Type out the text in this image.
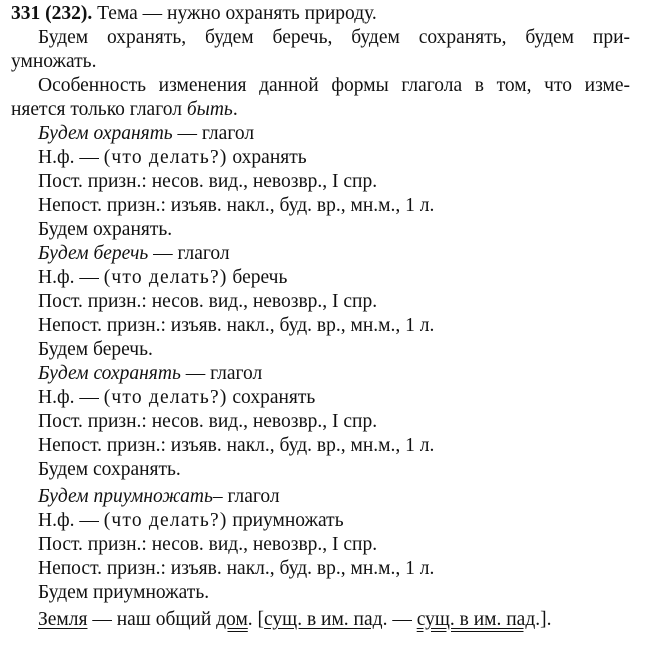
331 (232). Тема — нужно охранять природу.
Будем охранять, будем беречь, будем сохранять, будем при-
умножать.
Особенность изменения данной формы глагола в том, что изме-
няется только глагол быть.
Будем охранять — глагол
Н.ф. — (что делать?) охранять
Пост. призн.: несов. вид., невозвр., I спр.
Непост. призн.: изъяв. накл., буд. вр., мн.м., 1 л.
Будем охранять.
Будем беречь — глагол
Н.ф. — (что делать?) беречь
Пост. призн.: несов. вид., невозвр., I спр.
Непост. призн.: изъяв. накл., буд. вр., мн.м., 1 л.
Будем беречь.
Будем сохранять — глагол
Н.ф. — (что делать?) сохранять
Пост. призн.: несов. вид., невозвр., I спр.
Непост. призн.: изъяв. накл., буд. вр., мн.м., 1 л.
Будем сохранять.
Будем приумножать– глагол
Н.ф. — (что делать?) приумножать
Пост. призн.: несов. вид., невозвр., I спр.
Непост. призн.: изъяв. накл., буд. вр., мн.м., 1 л.
Будем приумножать.
Земля — наш общий дом. [сущ. в им. пад. — сущ. в им. пад.].
